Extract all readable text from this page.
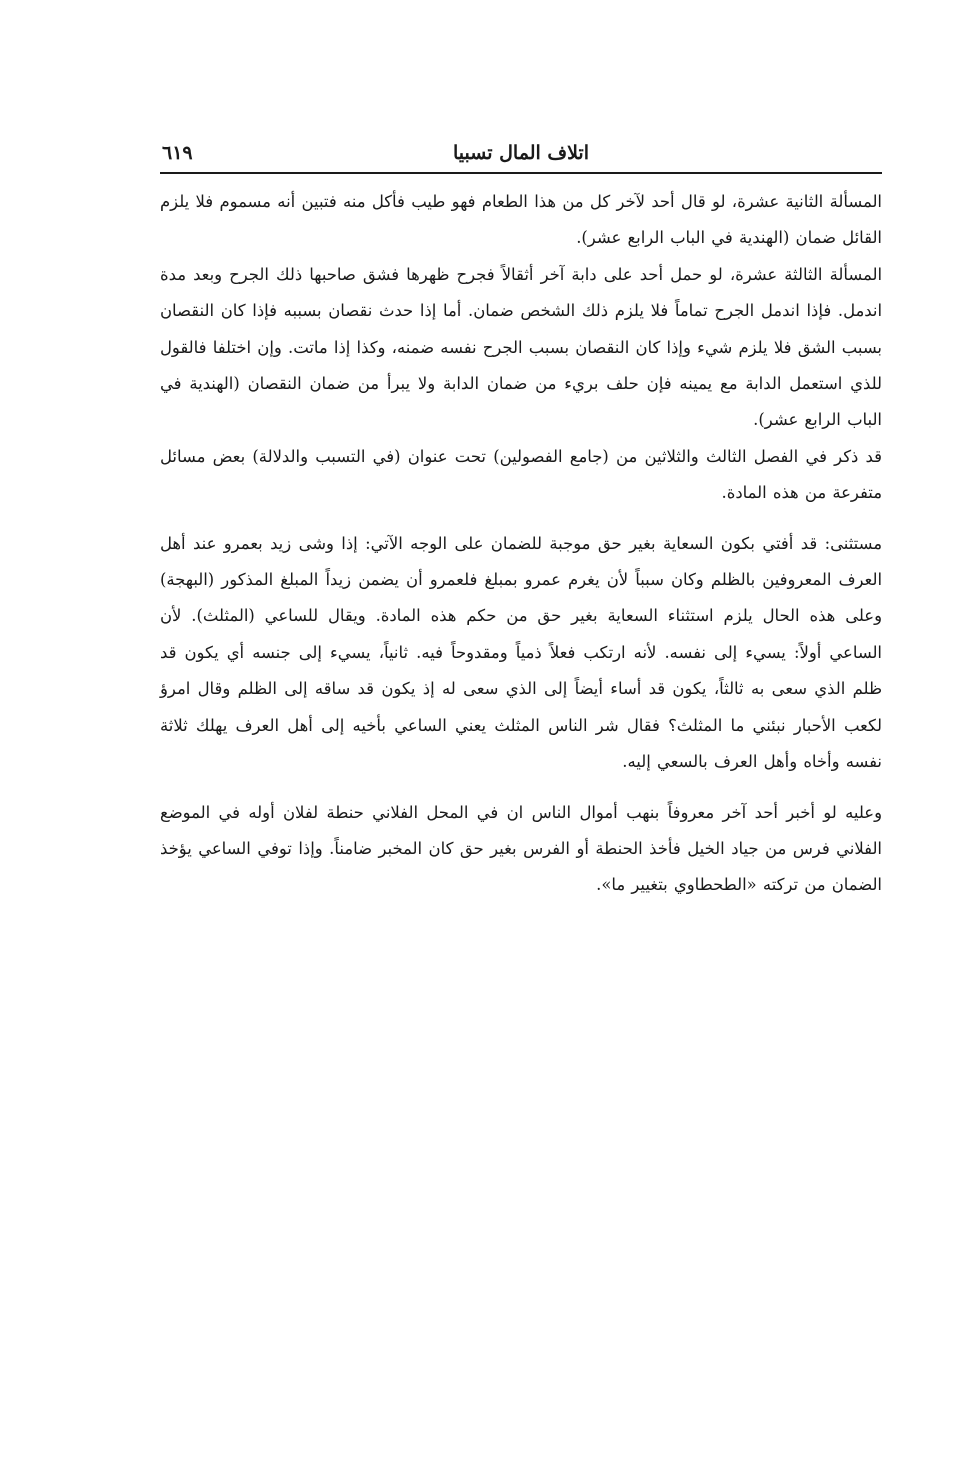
اتلاف المال تسبيا
٦١٩

المسألة الثانية عشرة، لو قال أحد لآخر كل من هذا الطعام فهو طيب فأكل منه فتبين أنه مسموم فلا يلزم القائل ضمان (الهندية في الباب الرابع عشر).

المسألة الثالثة عشرة، لو حمل أحد على دابة آخر أثقالاً فجرح ظهرها فشق صاحبها ذلك الجرح وبعد مدة اندمل. فإذا اندمل الجرح تماماً فلا يلزم ذلك الشخص ضمان. أما إذا حدث نقصان بسببه فإذا كان النقصان بسبب الشق فلا يلزم شيء وإذا كان النقصان بسبب الجرح نفسه ضمنه، وكذا إذا ماتت. وإن اختلفا فالقول للذي استعمل الدابة مع يمينه فإن حلف بريء من ضمان الدابة ولا يبرأ من ضمان النقصان (الهندية في الباب الرابع عشر).

قد ذكر في الفصل الثالث والثلاثين من (جامع الفصولين) تحت عنوان (في التسبب والدلالة) بعض مسائل متفرعة من هذه المادة.

مستثنى: قد أفتي بكون السعاية بغير حق موجبة للضمان على الوجه الآتي: إذا وشى زيد بعمرو عند أهل العرف المعروفين بالظلم وكان سبباً لأن يغرم عمرو بمبلغ فلعمرو أن يضمن زيداً المبلغ المذكور (البهجة) وعلى هذه الحال يلزم استثناء السعاية بغير حق من حكم هذه المادة. ويقال للساعي (المثلث). لأن الساعي أولاً: يسيء إلى نفسه. لأنه ارتكب فعلاً ذمياً ومقدوحاً فيه. ثانياً، يسيء إلى جنسه أي يكون قد ظلم الذي سعى به ثالثاً، يكون قد أساء أيضاً إلى الذي سعى له إذ يكون قد ساقه إلى الظلم وقال امرؤ لكعب الأحبار نبئني ما المثلث؟ فقال شر الناس المثلث يعني الساعي بأخيه إلى أهل العرف يهلك ثلاثة نفسه وأخاه وأهل العرف بالسعي إليه.

وعليه لو أخبر أحد آخر معروفاً بنهب أموال الناس ان في المحل الفلاني حنطة لفلان أوله في الموضع الفلاني فرس من جياد الخيل فأخذ الحنطة أو الفرس بغير حق كان المخبر ضامناً. وإذا توفي الساعي يؤخذ الضمان من تركته «الطحطاوي بتغيير ما».
